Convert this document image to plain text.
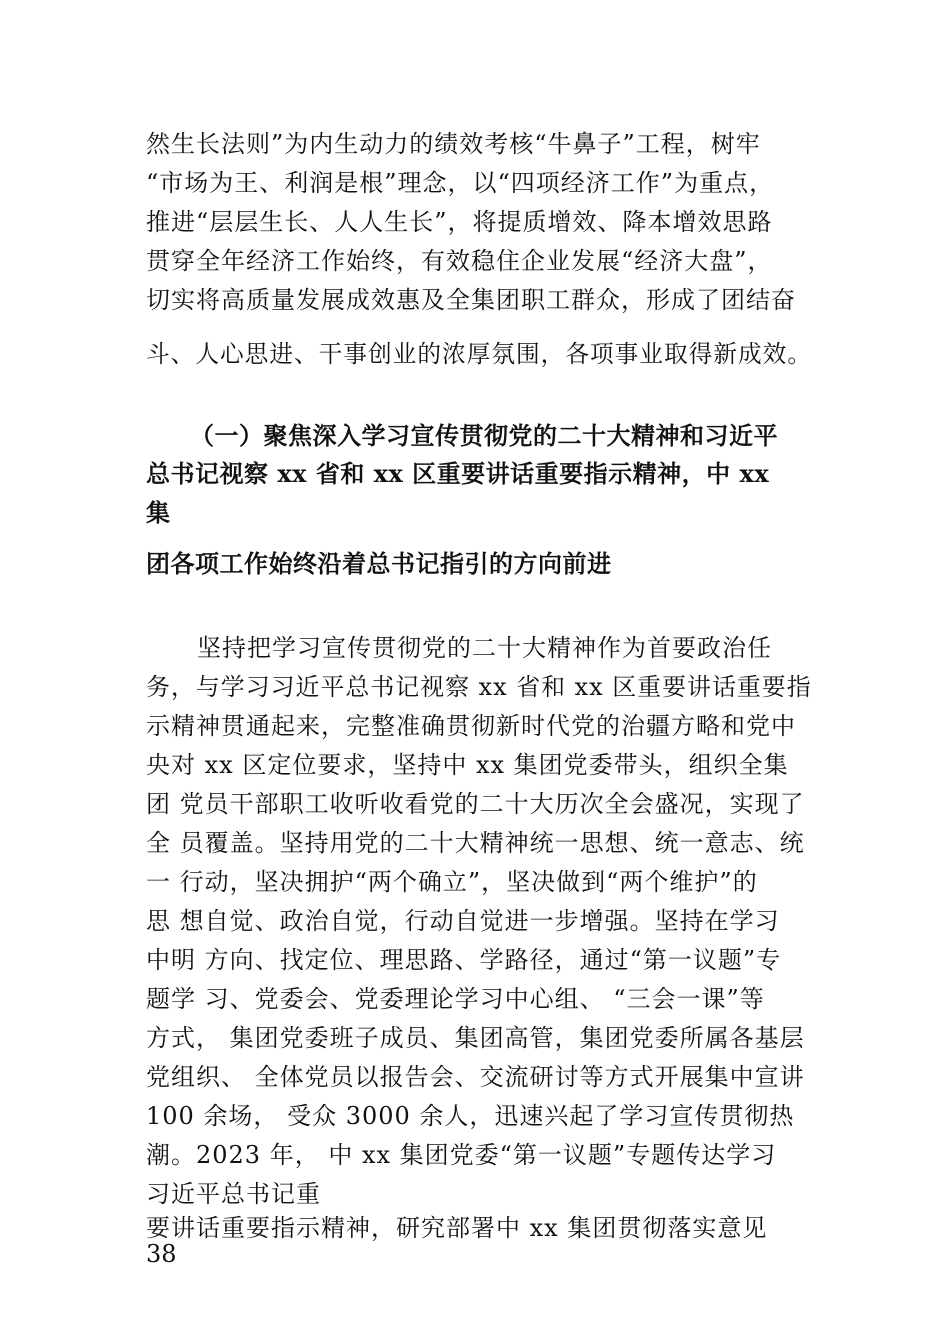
然生长法则”为内生动力的绩效考核“牛鼻子”工程，树牢
“市场为王、利润是根”理念，以“四项经济工作”为重点，
推进“层层生长、人人生长”，将提质增效、降本增效思路
贯穿全年经济工作始终，有效稳住企业发展“经济大盘”，
切实将高质量发展成效惠及全集团职工群众，形成了团结奋
斗、人心思进、干事创业的浓厚氛围，各项事业取得新成效。
（一）聚焦深入学习宣传贯彻党的二十大精神和习近平
总书记视察 xx 省和 xx 区重要讲话重要指示精神，中 xx
集
团各项工作始终沿着总书记指引的方向前进
坚持把学习宣传贯彻党的二十大精神作为首要政治任
务，与学习习近平总书记视察 xx 省和 xx 区重要讲话重要指
示精神贯通起来，完整准确贯彻新时代党的治疆方略和党中
央对 xx 区定位要求，坚持中 xx 集团党委带头，组织全集
团 党员干部职工收听收看党的二十大历次全会盛况，实现了
全 员覆盖。坚持用党的二十大精神统一思想、统一意志、统
一 行动，坚决拥护“两个确立”，坚决做到“两个维护”的
思 想自觉、政治自觉，行动自觉进一步增强。坚持在学习
中明 方向、找定位、理思路、学路径，通过“第一议题”专
题学 习、党委会、党委理论学习中心组、 “三会一课”等
方式， 集团党委班子成员、集团高管，集团党委所属各基层
党组织、 全体党员以报告会、交流研讨等方式开展集中宣讲
100 余场， 受众 3000 余人，迅速兴起了学习宣传贯彻热
潮。2023 年， 中 xx 集团党委“第一议题”专题传达学习
习近平总书记重
要讲话重要指示精神，研究部署中 xx 集团贯彻落实意见
38
